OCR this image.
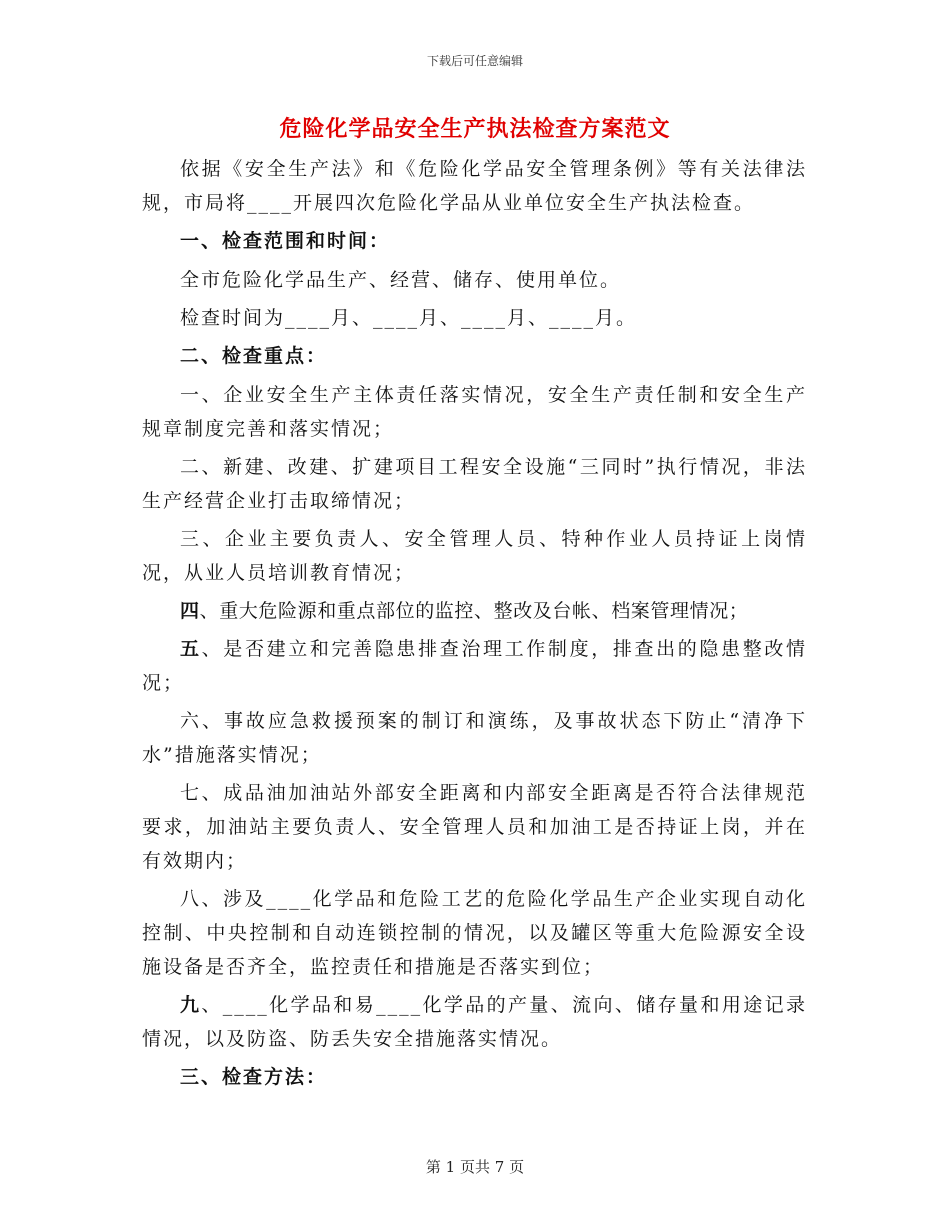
下载后可任意编辑
危险化学品安全生产执法检查方案范文

依据《安全生产法》和《危险化学品安全管理条例》等有关法律法规，市局将____开展四次危险化学品从业单位安全生产执法检查。

一、检查范围和时间：

全市危险化学品生产、经营、储存、使用单位。

检查时间为____月、____月、____月、____月。

二、检查重点：

一、企业安全生产主体责任落实情况，安全生产责任制和安全生产规章制度完善和落实情况；

二、新建、改建、扩建项目工程安全设施“三同时”执行情况，非法生产经营企业打击取缔情况；

三、企业主要负责人、安全管理人员、特种作业人员持证上岗情况，从业人员培训教育情况；

四、重大危险源和重点部位的监控、整改及台帐、档案管理情况；

五、是否建立和完善隐患排查治理工作制度，排查出的隐患整改情况；

六、事故应急救援预案的制订和演练，及事故状态下防止“清净下水”措施落实情况；

七、成品油加油站外部安全距离和内部安全距离是否符合法律规范要求，加油站主要负责人、安全管理人员和加油工是否持证上岗，并在有效期内；

八、涉及____化学品和危险工艺的危险化学品生产企业实现自动化控制、中央控制和自动连锁控制的情况，以及罐区等重大危险源安全设施设备是否齐全，监控责任和措施是否落实到位；

九、____化学品和易____化学品的产量、流向、储存量和用途记录情况，以及防盗、防丢失安全措施落实情况。

三、检查方法：

第 1 页共 7 页
